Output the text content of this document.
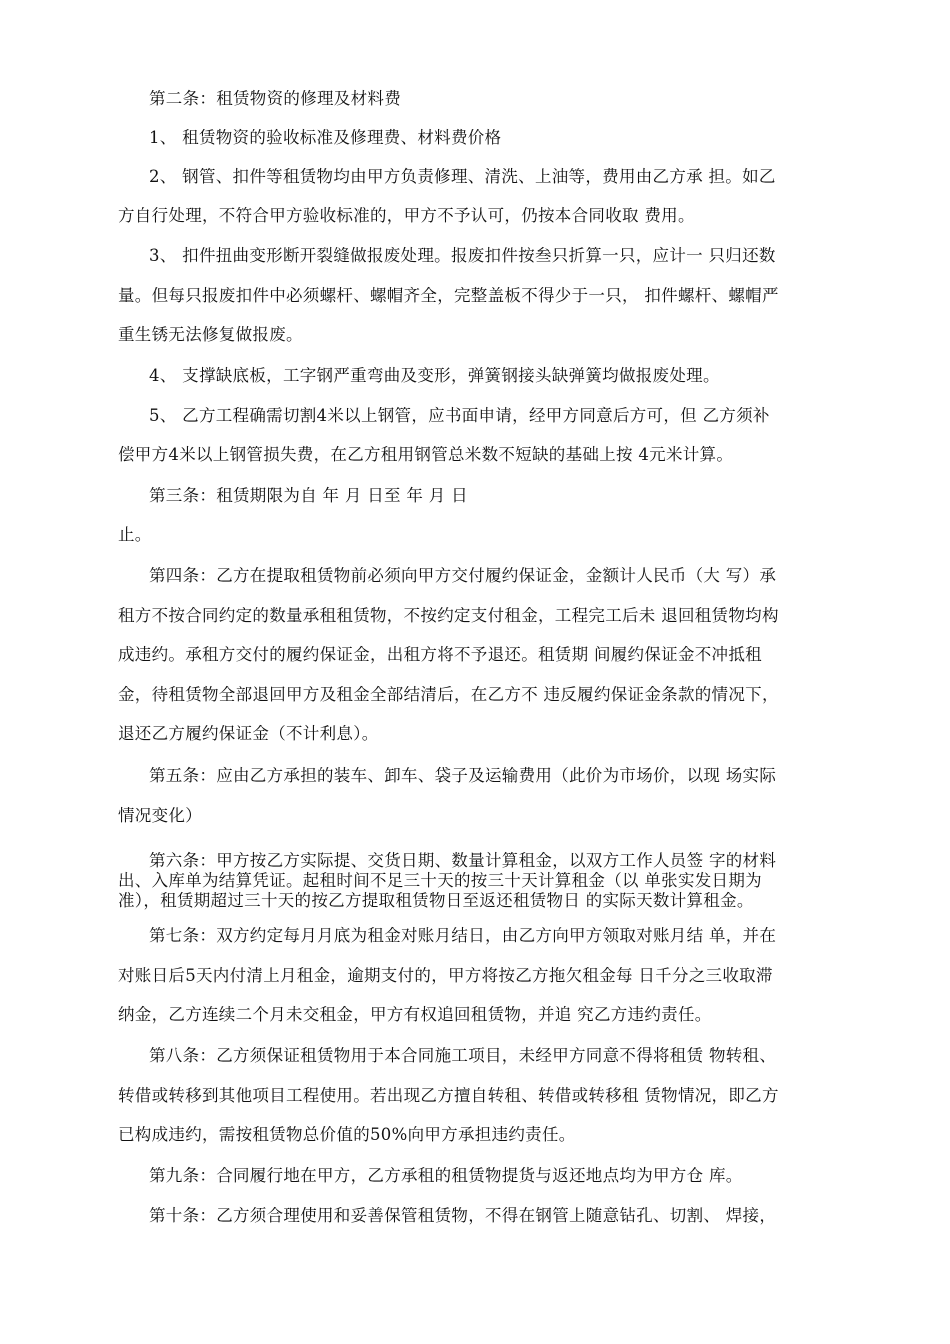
第二条：租赁物资的修理及材料费
1、 租赁物资的验收标准及修理费、材料费价格
2、 钢管、扣件等租赁物均由甲方负责修理、清洗、上油等，费用由乙方承 担。如乙
方自行处理，不符合甲方验收标准的，甲方不予认可，仍按本合同收取 费用。
3、 扣件扭曲变形断开裂缝做报废处理。报废扣件按叁只折算一只，应计一 只归还数
量。但每只报废扣件中必须螺杆、螺帽齐全，完整盖板不得少于一只， 扣件螺杆、螺帽严
重生锈无法修复做报废。
4、 支撑缺底板，工字钢严重弯曲及变形，弹簧钢接头缺弹簧均做报废处理。
5、 乙方工程确需切割4米以上钢管，应书面申请，经甲方同意后方可，但 乙方须补
偿甲方4米以上钢管损失费，在乙方租用钢管总米数不短缺的基础上按 4元米计算。
第三条：租赁期限为自 年 月 日至 年 月 日
止。
第四条：乙方在提取租赁物前必须向甲方交付履约保证金，金额计人民币（大 写）承
租方不按合同约定的数量承租租赁物，不按约定支付租金，工程完工后未 退回租赁物均构
成违约。承租方交付的履约保证金，出租方将不予退还。租赁期 间履约保证金不冲抵租
金，待租赁物全部退回甲方及租金全部结清后，在乙方不 违反履约保证金条款的情况下，
退还乙方履约保证金（不计利息）。
第五条：应由乙方承担的装车、卸车、袋子及运输费用（此价为市场价，以现 场实际
情况变化）
第六条：甲方按乙方实际提、交货日期、数量计算租金，以双方工作人员签 字的材料
出、入库单为结算凭证。起租时间不足三十天的按三十天计算租金（以 单张实发日期为
准），租赁期超过三十天的按乙方提取租赁物日至返还租赁物日 的实际天数计算租金。
第七条：双方约定每月月底为租金对账月结日，由乙方向甲方领取对账月结 单，并在
对账日后5天内付清上月租金，逾期支付的，甲方将按乙方拖欠租金每 日千分之三收取滞
纳金，乙方连续二个月未交租金，甲方有权追回租赁物，并追 究乙方违约责任。
第八条：乙方须保证租赁物用于本合同施工项目，未经甲方同意不得将租赁 物转租、
转借或转移到其他项目工程使用。若出现乙方擅自转租、转借或转移租 赁物情况，即乙方
已构成违约，需按租赁物总价值的50%向甲方承担违约责任。
第九条：合同履行地在甲方，乙方承租的租赁物提货与返还地点均为甲方仓 库。
第十条：乙方须合理使用和妥善保管租赁物，不得在钢管上随意钻孔、切割、 焊接，
